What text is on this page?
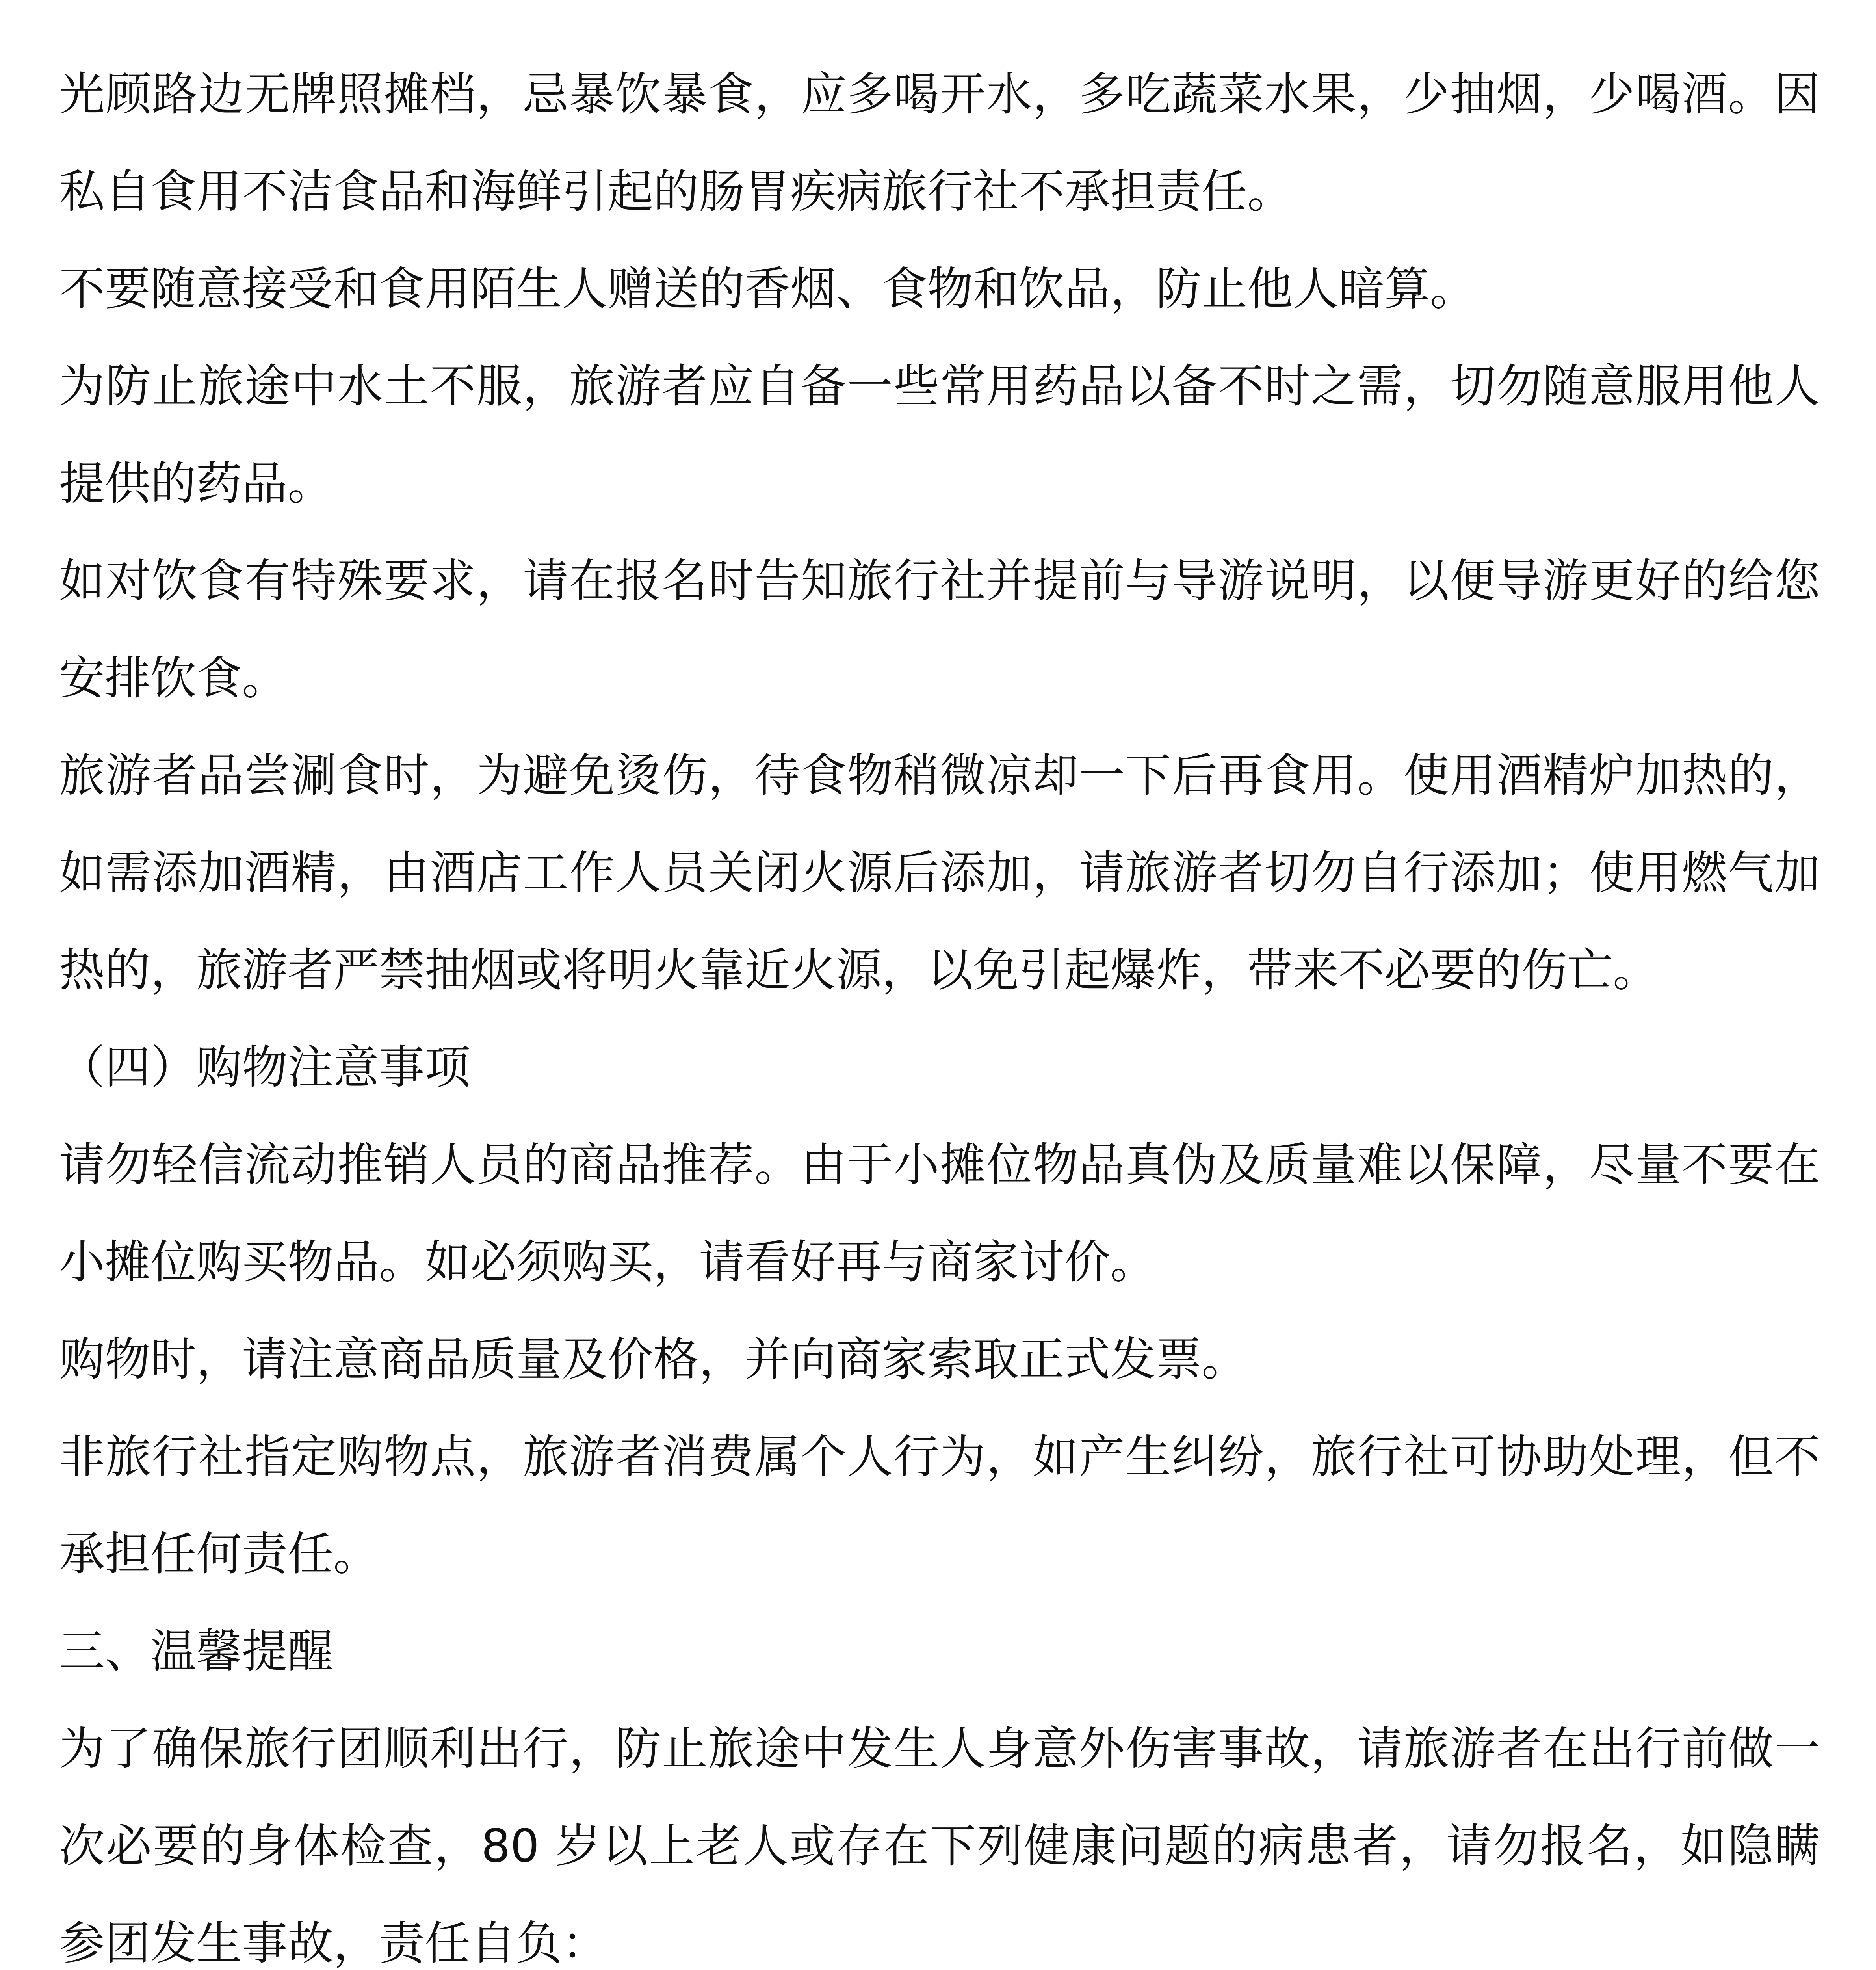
光顾路边无牌照摊档，忌暴饮暴食，应多喝开水，多吃蔬菜水果，少抽烟，少喝酒。因私自食用不洁食品和海鲜引起的肠胃疾病旅行社不承担责任。

不要随意接受和食用陌生人赠送的香烟、食物和饮品，防止他人暗算。

为防止旅途中水土不服，旅游者应自备一些常用药品以备不时之需，切勿随意服用他人提供的药品。

如对饮食有特殊要求，请在报名时告知旅行社并提前与导游说明，以便导游更好的给您安排饮食。

旅游者品尝涮食时，为避免烫伤，待食物稍微凉却一下后再食用。使用酒精炉加热的，如需添加酒精，由酒店工作人员关闭火源后添加，请旅游者切勿自行添加；使用燃气加热的，旅游者严禁抽烟或将明火靠近火源，以免引起爆炸，带来不必要的伤亡。

（四）购物注意事项

请勿轻信流动推销人员的商品推荐。由于小摊位物品真伪及质量难以保障，尽量不要在小摊位购买物品。如必须购买，请看好再与商家讨价。

购物时，请注意商品质量及价格，并向商家索取正式发票。

非旅行社指定购物点，旅游者消费属个人行为，如产生纠纷，旅行社可协助处理，但不承担任何责任。

三、温馨提醒

为了确保旅行团顺利出行，防止旅途中发生人身意外伤害事故，请旅游者在出行前做一次必要的身体检查，80 岁以上老人或存在下列健康问题的病患者，请勿报名，如隐瞒参团发生事故，责任自负：
